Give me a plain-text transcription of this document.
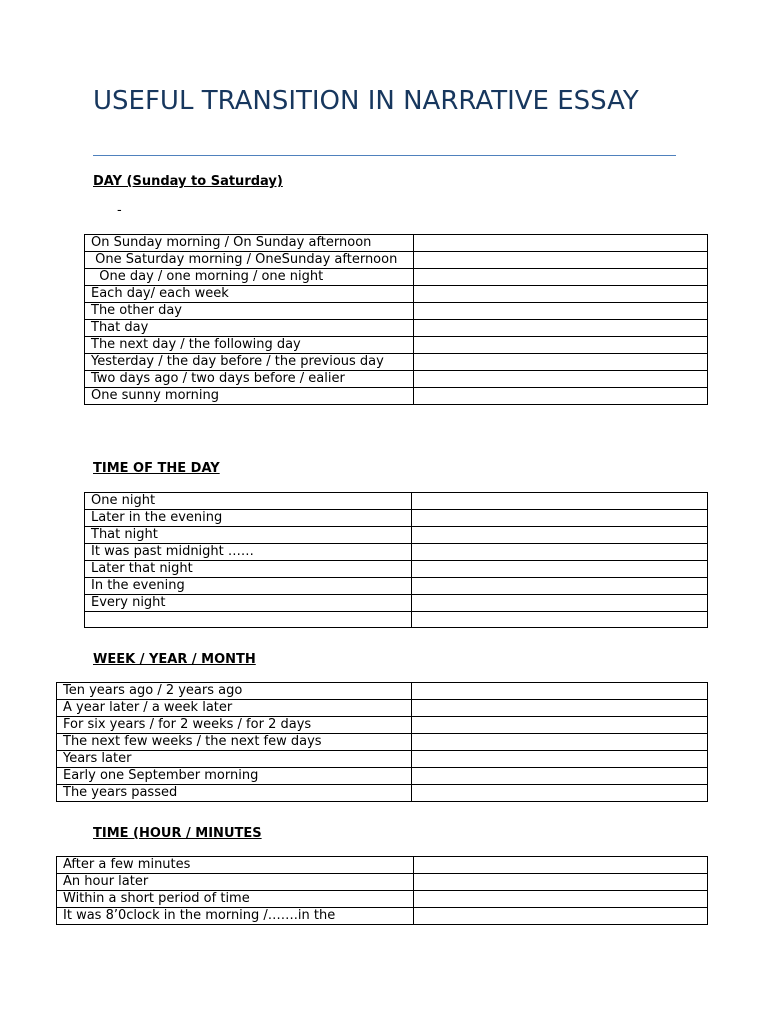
USEFUL TRANSITION IN NARRATIVE ESSAY

DAY (Sunday to Saturday)

-
On Sunday morning / On Sunday afternoon	
One Saturday morning / OneSunday afternoon	
One day / one morning / one night	
Each day/ each week	
The other day	
That day	
The next day / the following day	
Yesterday / the day before / the previous day	
Two days ago / two days before / ealier	
One sunny morning	

TIME OF THE DAY

One night	
Later in the evening	
That night	
It was past midnight ……	
Later that night	
In the evening	
Every night	

WEEK / YEAR / MONTH

Ten years ago / 2 years ago	
A year later / a week later	
For six years / for 2 weeks / for 2 days	
The next few weeks / the next few days	
Years later	
Early one September morning	
The years passed	

TIME (HOUR / MINUTES

After a few minutes	
An hour later	
Within a short period of time	
It was 8’0clock in the morning /…….in the	
